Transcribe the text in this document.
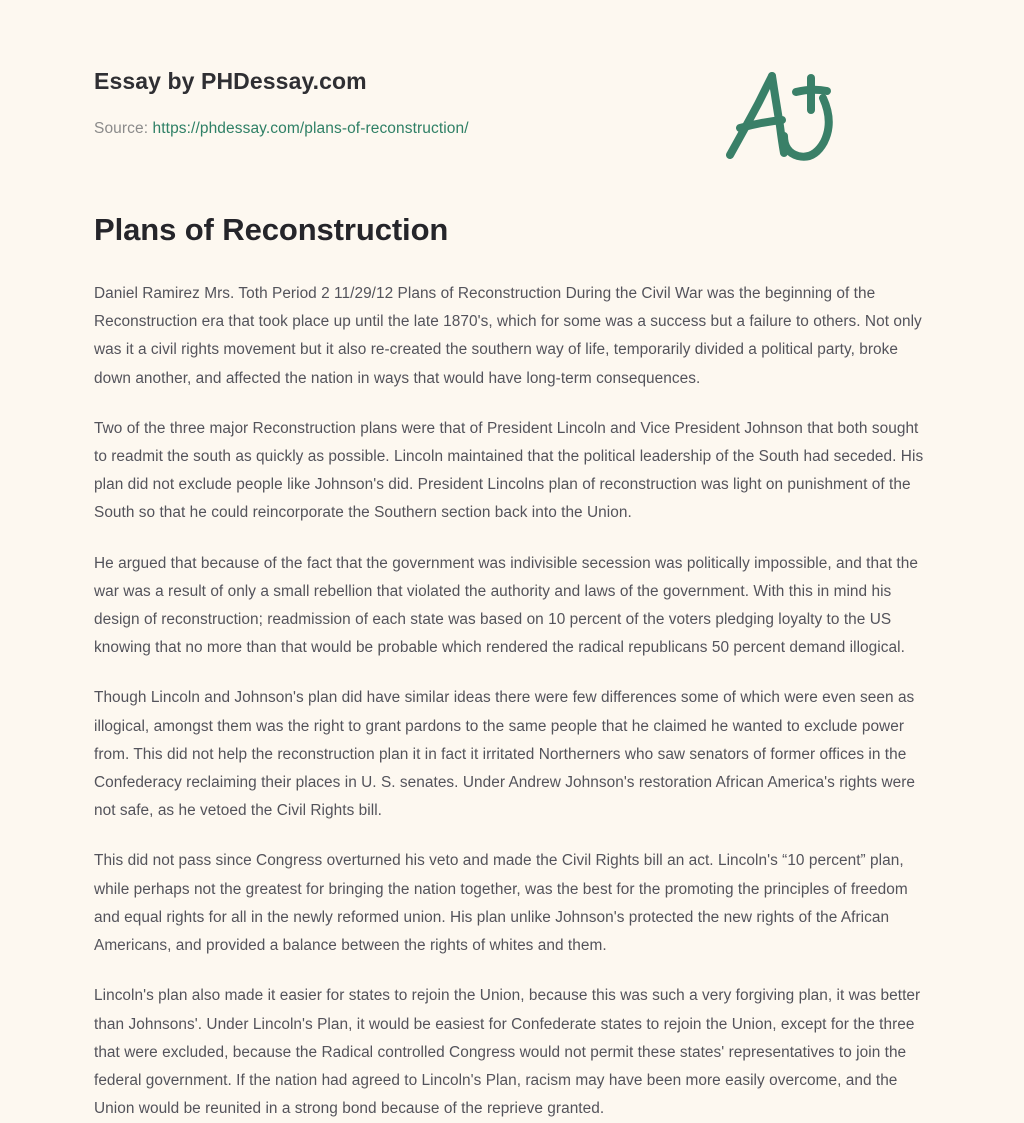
Essay by PHDessay.com
Source: https://phdessay.com/plans-of-reconstruction/
Plans of Reconstruction

Daniel Ramirez Mrs. Toth Period 2 11/29/12 Plans of Reconstruction During the Civil War was the beginning of the Reconstruction era that took place up until the late 1870's, which for some was a success but a failure to others. Not only was it a civil rights movement but it also re-created the southern way of life, temporarily divided a political party, broke down another, and affected the nation in ways that would have long-term consequences.

Two of the three major Reconstruction plans were that of President Lincoln and Vice President Johnson that both sought to readmit the south as quickly as possible. Lincoln maintained that the political leadership of the South had seceded. His plan did not exclude people like Johnson's did. President Lincolns plan of reconstruction was light on punishment of the South so that he could reincorporate the Southern section back into the Union.

He argued that because of the fact that the government was indivisible secession was politically impossible, and that the war was a result of only a small rebellion that violated the authority and laws of the government. With this in mind his design of reconstruction; readmission of each state was based on 10 percent of the voters pledging loyalty to the US knowing that no more than that would be probable which rendered the radical republicans 50 percent demand illogical.

Though Lincoln and Johnson's plan did have similar ideas there were few differences some of which were even seen as illogical, amongst them was the right to grant pardons to the same people that he claimed he wanted to exclude power from. This did not help the reconstruction plan it in fact it irritated Northerners who saw senators of former offices in the Confederacy reclaiming their places in U. S. senates. Under Andrew Johnson's restoration African America's rights were not safe, as he vetoed the Civil Rights bill.

This did not pass since Congress overturned his veto and made the Civil Rights bill an act. Lincoln's “10 percent” plan, while perhaps not the greatest for bringing the nation together, was the best for the promoting the principles of freedom and equal rights for all in the newly reformed union. His plan unlike Johnson's protected the new rights of the African Americans, and provided a balance between the rights of whites and them.

Lincoln's plan also made it easier for states to rejoin the Union, because this was such a very forgiving plan, it was better than Johnsons'. Under Lincoln's Plan, it would be easiest for Confederate states to rejoin the Union, except for the three that were excluded, because the Radical controlled Congress would not permit these states' representatives to join the federal government. If the nation had agreed to Lincoln's Plan, racism may have been more easily overcome, and the Union would be reunited in a strong bond because of the reprieve granted.
